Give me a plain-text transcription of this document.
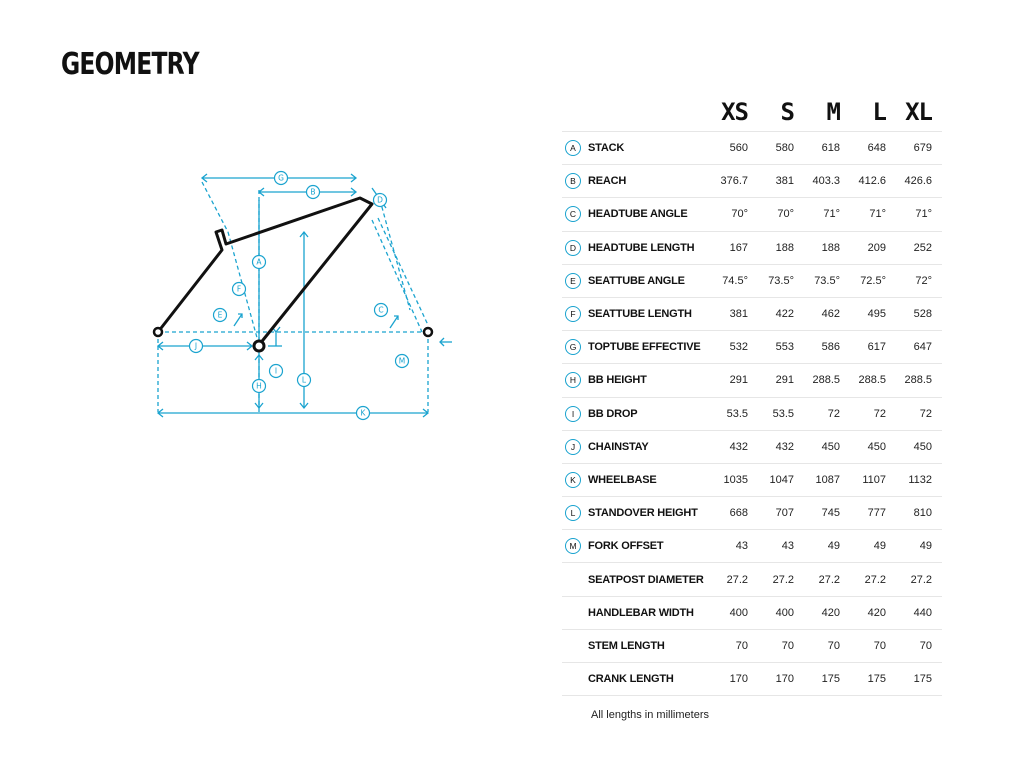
GEOMETRY
G
B
D
A
F
E
C
J
I
H
L
M
K
		XS	S	M	L	XL
A	STACK	560	580	618	648	679
B	REACH	376.7	381	403.3	412.6	426.6
C	HEADTUBE ANGLE	70°	70°	71°	71°	71°
D	HEADTUBE LENGTH	167	188	188	209	252
E	SEATTUBE ANGLE	74.5°	73.5°	73.5°	72.5°	72°
F	SEATTUBE LENGTH	381	422	462	495	528
G	TOPTUBE EFFECTIVE	532	553	586	617	647
H	BB HEIGHT	291	291	288.5	288.5	288.5
I	BB DROP	53.5	53.5	72	72	72
J	CHAINSTAY	432	432	450	450	450
K	WHEELBASE	1035	1047	1087	1107	1132
L	STANDOVER HEIGHT	668	707	745	777	810
M	FORK OFFSET	43	43	49	49	49
	SEATPOST DIAMETER	27.2	27.2	27.2	27.2	27.2
	HANDLEBAR WIDTH	400	400	420	420	440
	STEM LENGTH	70	70	70	70	70
	CRANK LENGTH	170	170	175	175	175
All lengths in millimeters
